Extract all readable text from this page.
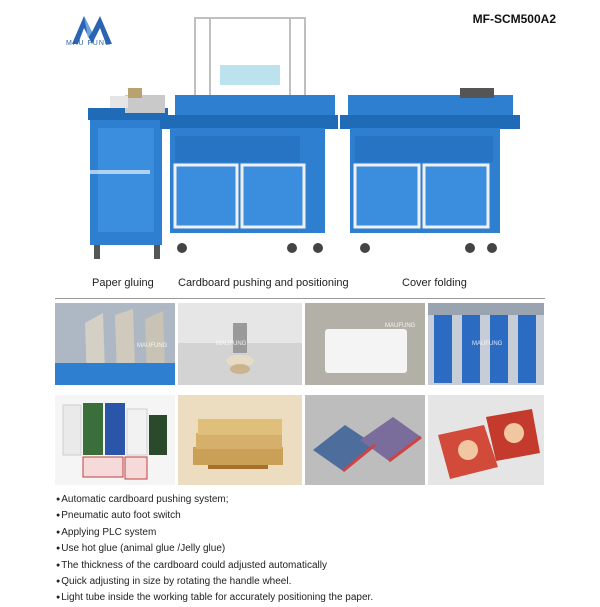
MAU FUNG
MF-SCM500A2
Paper gluing Cardboard pushing and positioning	Cover folding
MAUFUNG	MAUFUNG
MAUFUNG
MAUFUNG
● Automatic cardboard pushing system;
● Pneumatic auto foot switch
● Applying PLC system
● Use hot glue (animal glue /Jelly glue)
● The thickness of the cardboard could adjusted automatically
● Quick adjusting in size by rotating the handle wheel.
● Light tube inside the working table for accurately positioning the paper.
